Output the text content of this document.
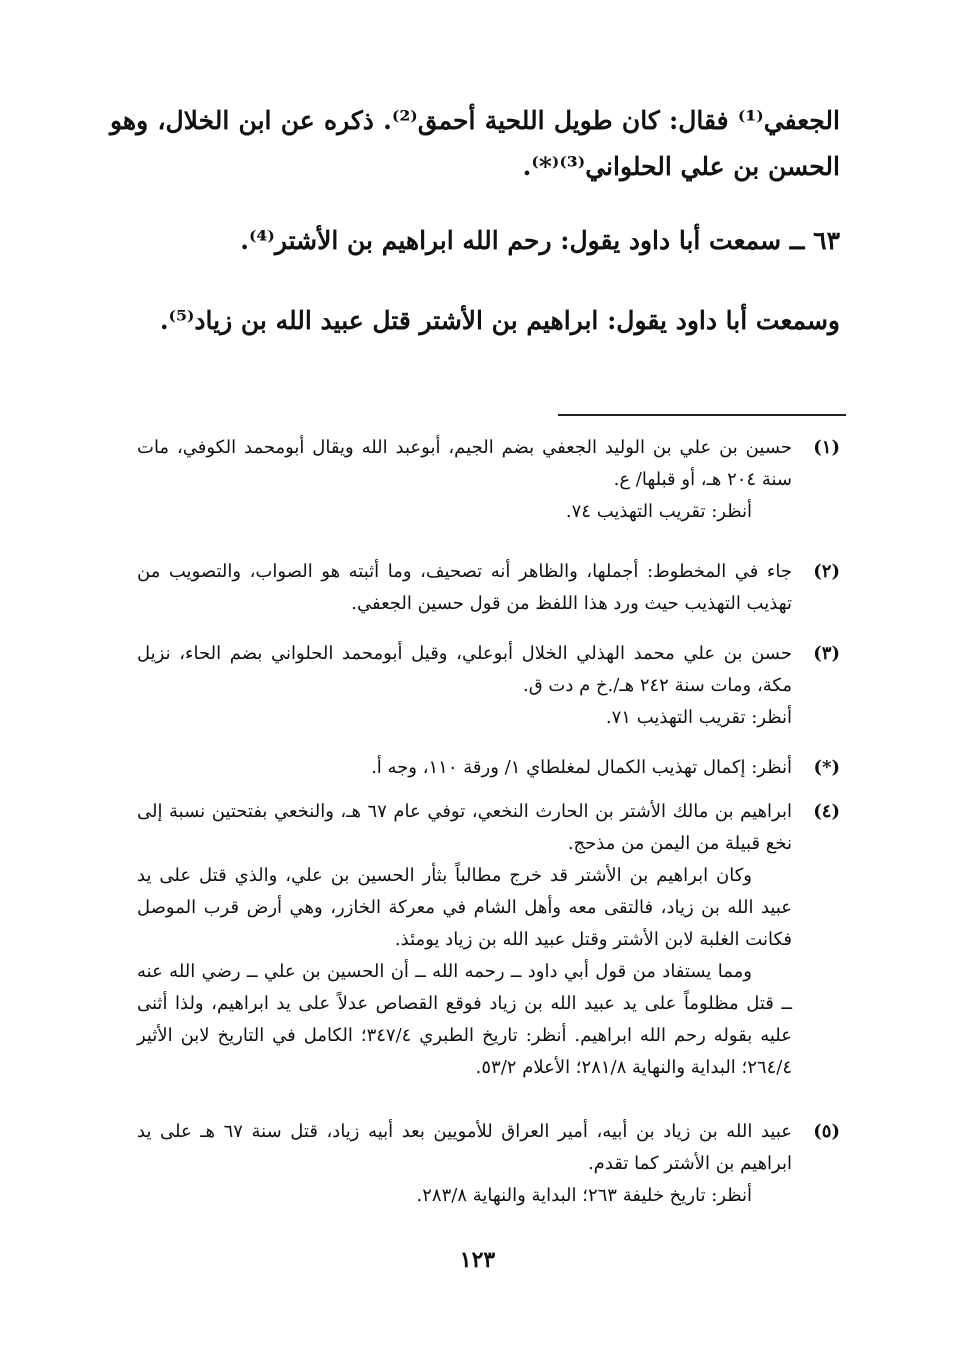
الجعفي⁽¹⁾ فقال: كان طويل اللحية أحمق⁽²⁾. ذكره عن ابن الخلال، وهو الحسن بن علي الحلواني⁽³⁾⁽*⁾.
٦٣ ــ سمعت أبا داود يقول: رحم الله ابراهيم بن الأشتر⁽⁴⁾.
وسمعت أبا داود يقول: ابراهيم بن الأشتر قتل عبيد الله بن زياد⁽⁵⁾.
(١)

حسين بن علي بن الوليد الجعفي بضم الجيم، أبوعبد الله ويقال أبومحمد الكوفي، مات سنة ٢٠٤ هـ، أو قبلها/ ع.

أنظر: تقريب التهذيب ٧٤.

(٢)

جاء في المخطوط: أجملها، والظاهر أنه تصحيف، وما أثبته هو الصواب، والتصويب من تهذيب التهذيب حيث ورد هذا اللفظ من قول حسين الجعفي.

(٣)

حسن بن علي محمد الهذلي الخلال أبوعلي، وقيل أبومحمد الحلواني بضم الحاء، نزيل مكة، ومات سنة ٢٤٢ هـ/.خ م دت ق.

أنظر: تقريب التهذيب ٧١.

(*)

أنظر: إكمال تهذيب الكمال لمغلطاي ١/ ورقة ١١٠، وجه أ.

(٤)

ابراهيم بن مالك الأشتر بن الحارث النخعي، توفي عام ٦٧ هـ، والنخعي بفتحتين نسبة إلى نخع قبيلة من اليمن من مذحج.

وكان ابراهيم بن الأشتر قد خرج مطالباً بثأر الحسين بن علي، والذي قتل على يد عبيد الله بن زياد، فالتقى معه وأهل الشام في معركة الخازر، وهي أرض قرب الموصل فكانت الغلبة لابن الأشتر وقتل عبيد الله بن زياد يومئذ.

ومما يستفاد من قول أبي داود ــ رحمه الله ــ أن الحسين بن علي ــ رضي الله عنه ــ قتل مظلوماً على يد عبيد الله بن زياد فوقع القصاص عدلاً على يد ابراهيم، ولذا أثنى عليه بقوله رحم الله ابراهيم. أنظر: تاريخ الطبري ٣٤٧/٤؛ الكامل في التاريخ لابن الأثير ٢٦٤/٤؛ البداية والنهاية ٢٨١/٨؛ الأعلام ٥٣/٢.

(٥)

عبيد الله بن زياد بن أبيه، أمير العراق للأمويين بعد أبيه زياد، قتل سنة ٦٧ هـ على يد ابراهيم بن الأشتر كما تقدم.

أنظر: تاريخ خليفة ٢٦٣؛ البداية والنهاية ٢٨٣/٨.

١٢٣
